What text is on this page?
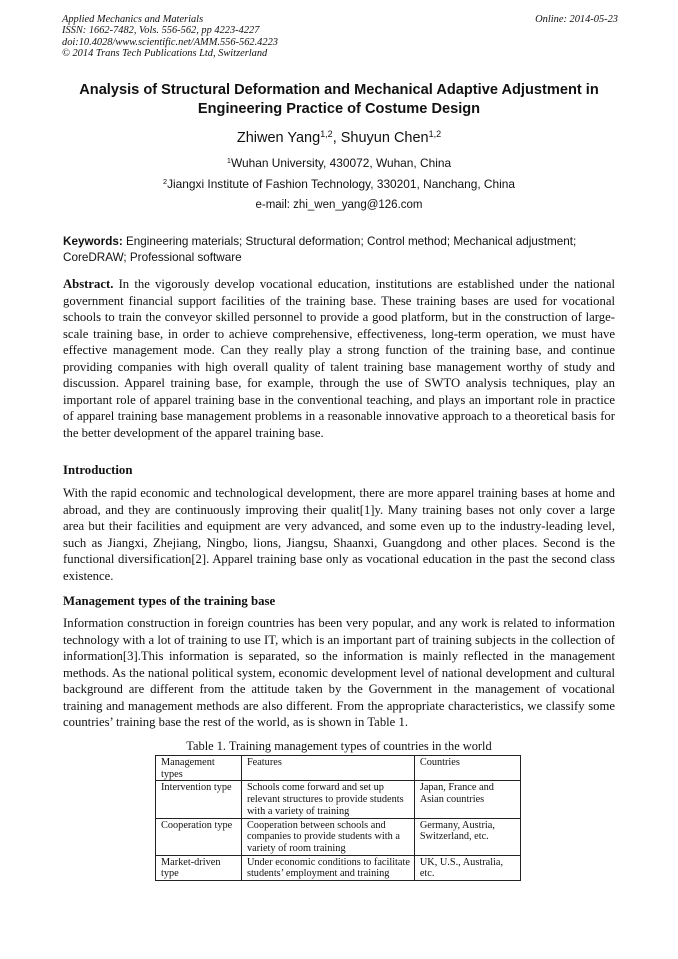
Applied Mechanics and Materials
ISSN: 1662-7482, Vols. 556-562, pp 4223-4227
doi:10.4028/www.scientific.net/AMM.556-562.4223
© 2014 Trans Tech Publications Ltd, Switzerland
Online: 2014-05-23
Analysis of Structural Deformation and Mechanical Adaptive Adjustment in Engineering Practice of Costume Design
Zhiwen Yang$^{1,2}$, Shuyun Chen$^{1,2}$
$^1$Wuhan University, 430072, Wuhan, China
$^2$Jiangxi Institute of Fashion Technology, 330201, Nanchang, China
e-mail: zhi_wen_yang@126.com
Keywords: Engineering materials; Structural deformation; Control method; Mechanical adjustment; CoreDRAW; Professional software
Abstract. In the vigorously develop vocational education, institutions are established under the national government financial support facilities of the training base. These training bases are used for vocational schools to train the conveyor skilled personnel to provide a good platform, but in the construction of large-scale training base, in order to achieve comprehensive, effectiveness, long-term operation, we must have effective management mode. Can they really play a strong function of the training base, and continue providing companies with high overall quality of talent training base management worthy of study and discussion. Apparel training base, for example, through the use of SWTO analysis techniques, play an important role of apparel training base in the conventional teaching, and plays an important role in practice of apparel training base management problems in a reasonable innovative approach to a theoretical basis for the better development of the apparel training base.
Introduction
With the rapid economic and technological development, there are more apparel training bases at home and abroad, and they are continuously improving their qualit[1]y. Many training bases not only cover a large area but their facilities and equipment are very advanced, and some even up to the industry-leading level, such as Jiangxi, Zhejiang, Ningbo, lions, Jiangsu, Shaanxi, Guangdong and other places. Second is the functional diversification[2]. Apparel training base only as vocational education in the past the second class existence.
Management types of the training base
Information construction in foreign countries has been very popular, and any work is related to information technology with a lot of training to use IT, which is an important part of training subjects in the collection of information[3].This information is separated, so the information is mainly reflected in the management methods. As the national political system, economic development level of national development and cultural background are different from the attitude taken by the Government in the management of vocational training and management methods are also different. From the appropriate characteristics, we classify some countries’ training base the rest of the world, as is shown in Table 1.
Table 1. Training management types of countries in the world
Management types	Features	Countries
Intervention type	Schools come forward and set up relevant structures to provide students with a variety of training	Japan, France and Asian countries
Cooperation type	Cooperation between schools and companies to provide students with a variety of room training	Germany, Austria, Switzerland, etc.
Market-driven type	Under economic conditions to facilitate students’ employment and training	UK, U.S., Australia, etc.
